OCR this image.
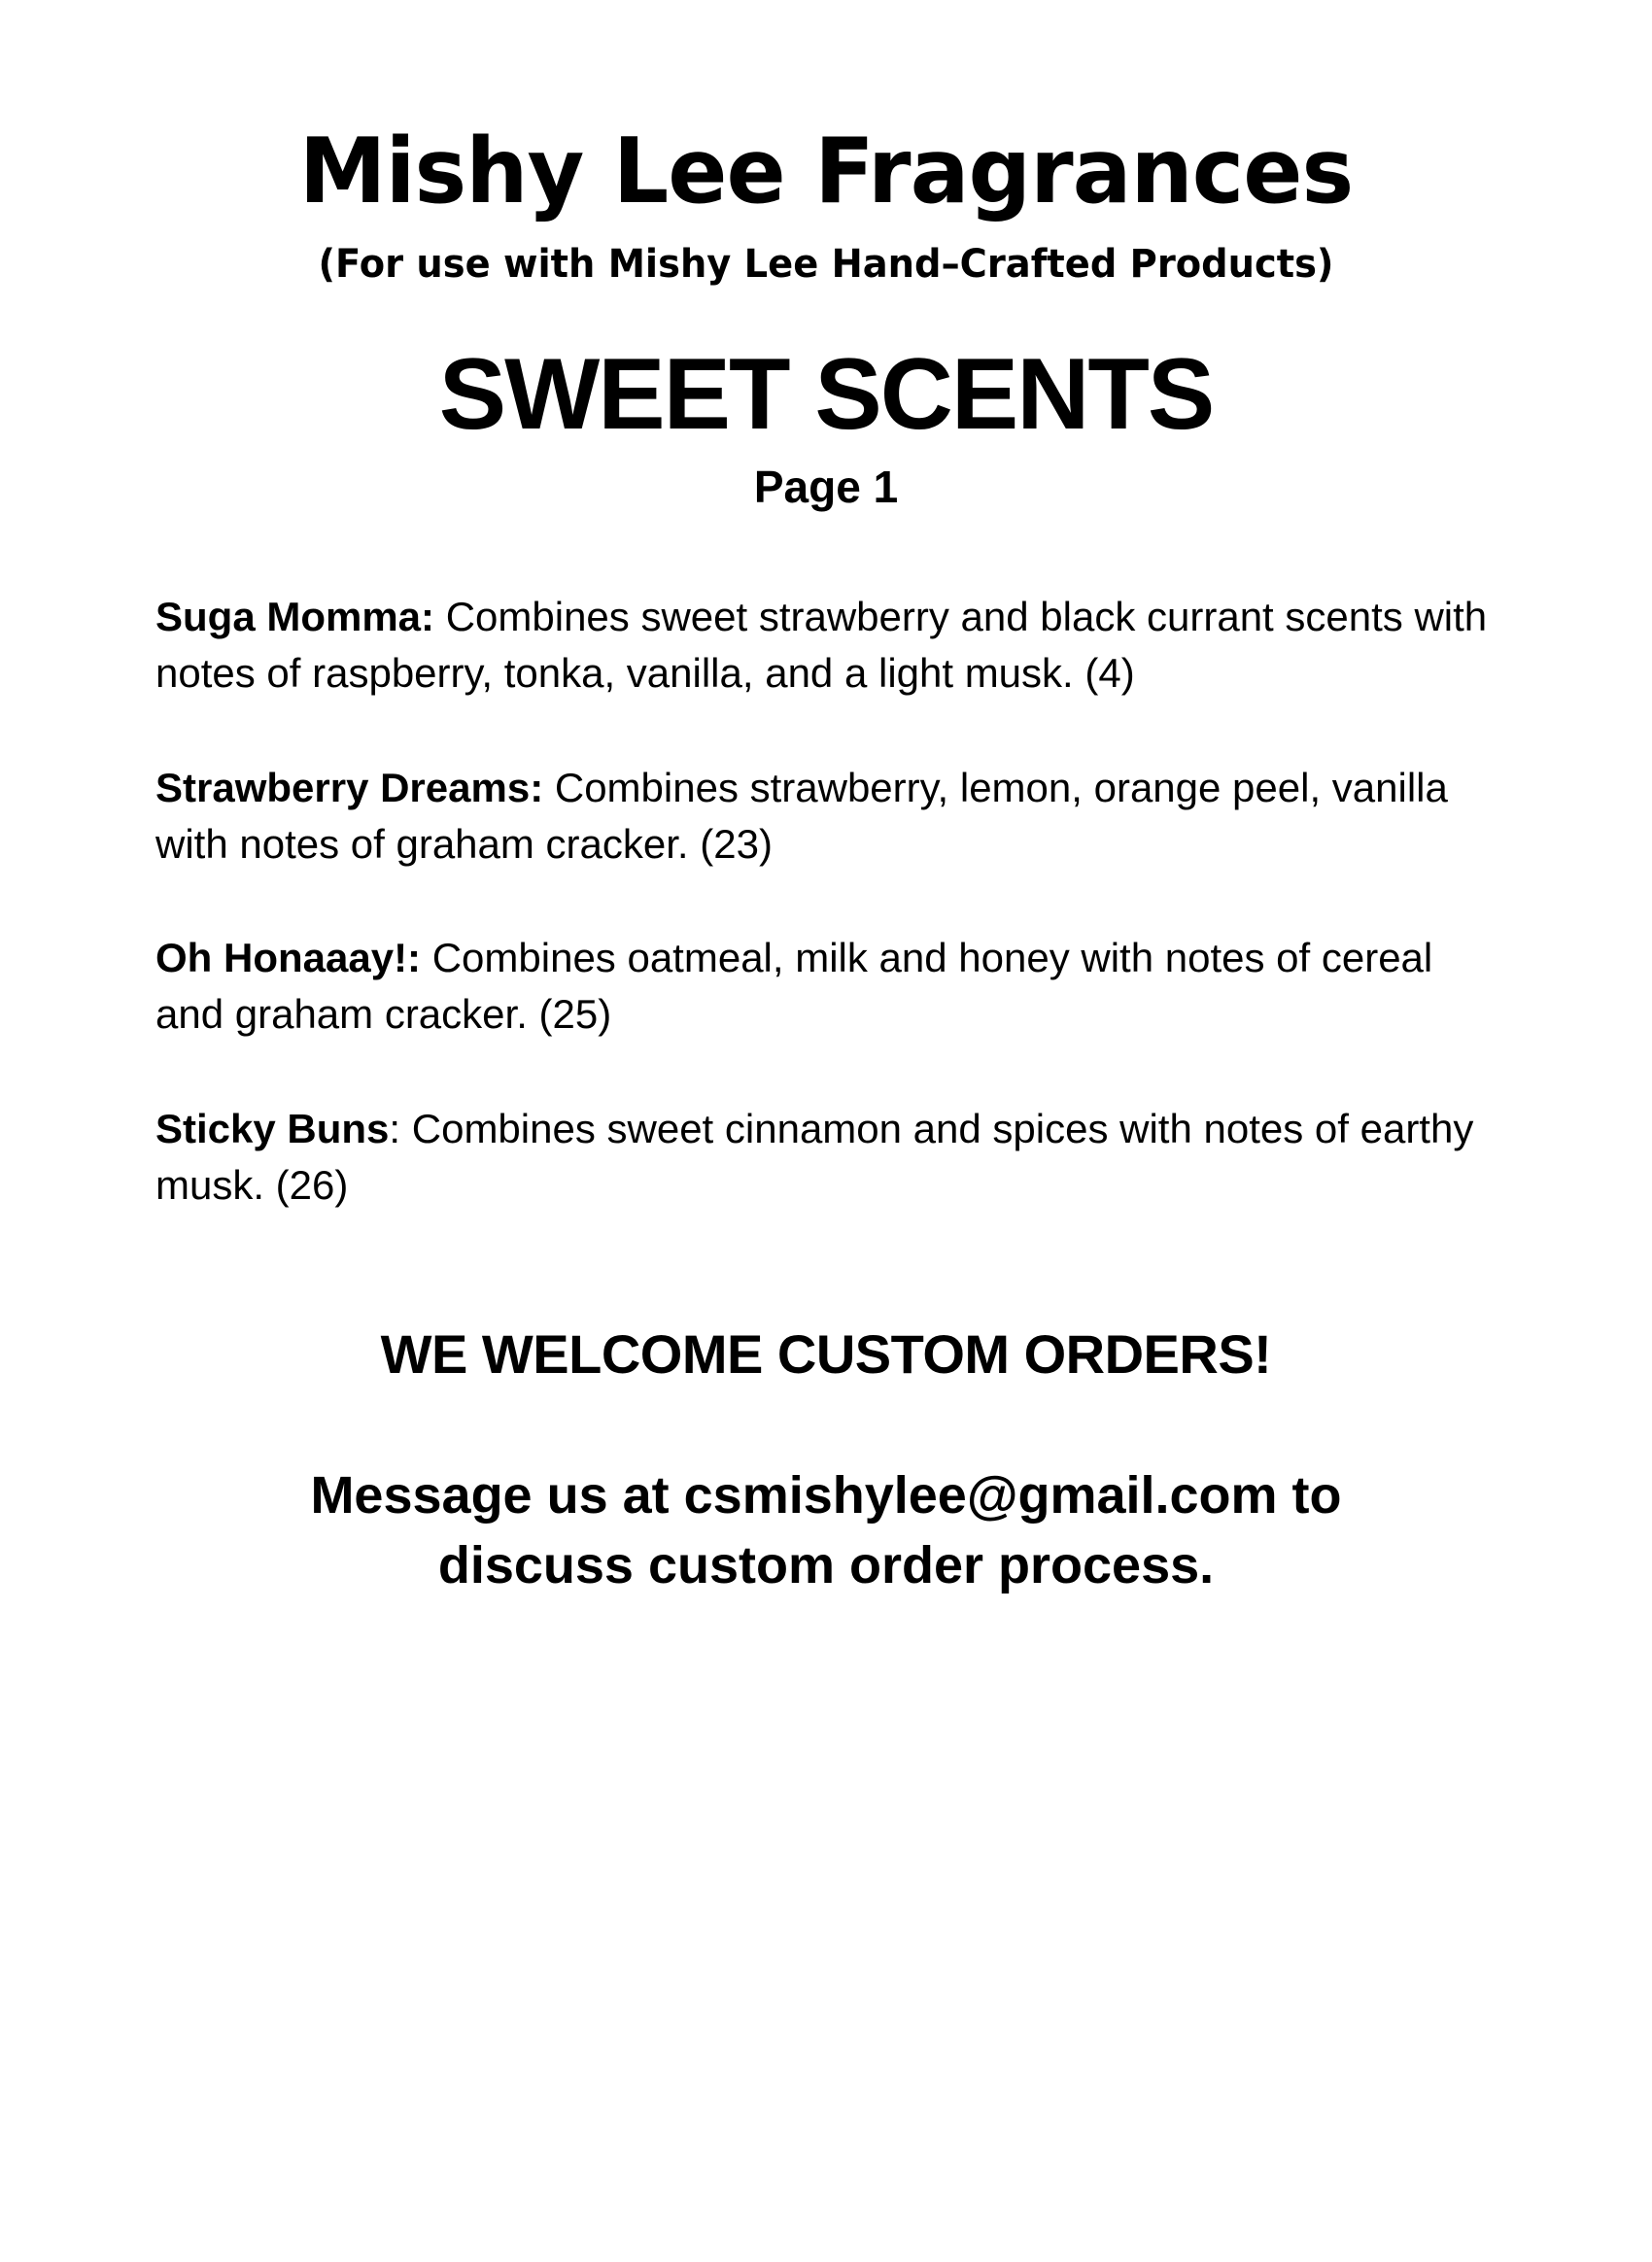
Mishy Lee Fragrances
(For use with Mishy Lee Hand–Crafted Products)
SWEET SCENTS
Page 1
Suga Momma: Combines sweet strawberry and black currant scents with notes of raspberry, tonka, vanilla, and a light musk. (4)
Strawberry Dreams: Combines strawberry, lemon, orange peel, vanilla with notes of graham cracker. (23)
Oh Honaaay!: Combines oatmeal, milk and honey with notes of cereal and graham cracker. (25)
Sticky Buns: Combines sweet cinnamon and spices with notes of earthy musk. (26)
WE WELCOME CUSTOM ORDERS!
Message us at csmishylee@gmail.com to discuss custom order process.
